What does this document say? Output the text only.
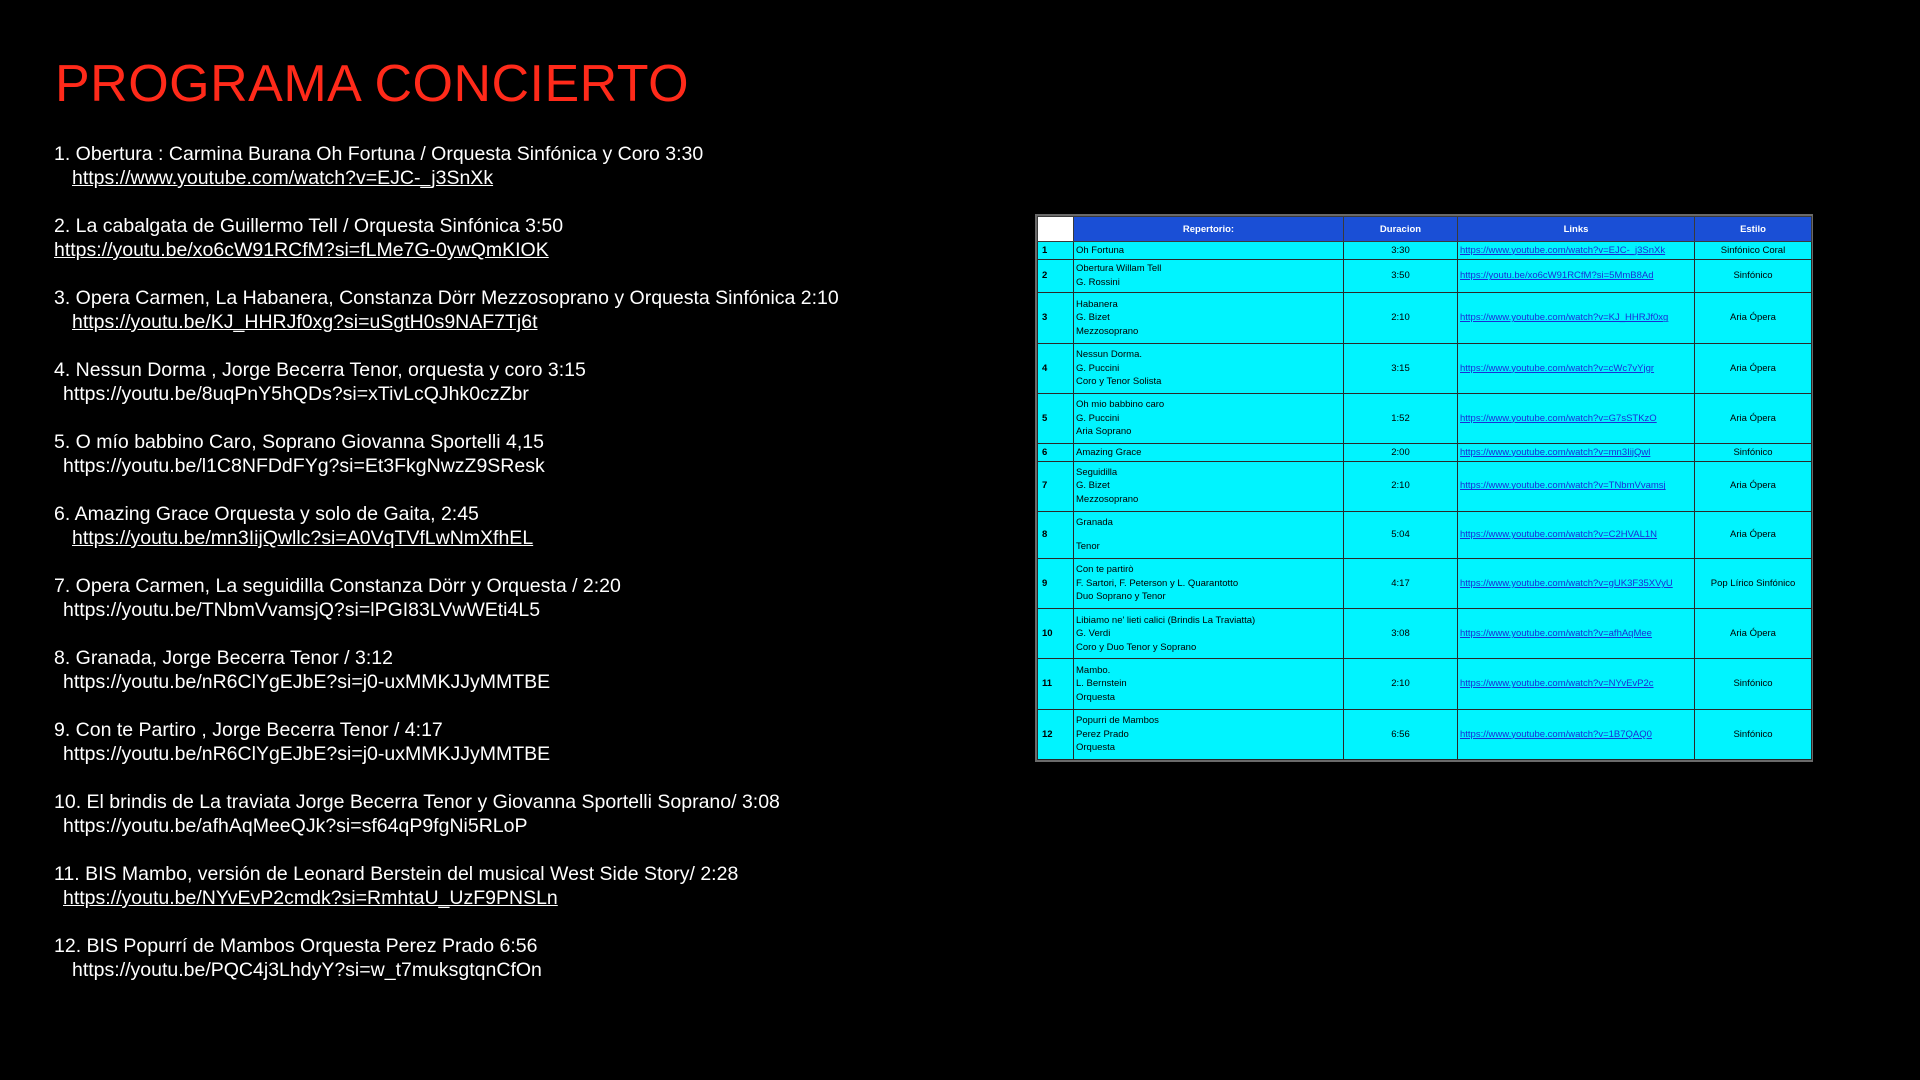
PROGRAMA CONCIERTO
1. Obertura : Carmina Burana Oh Fortuna / Orquesta Sinfónica y Coro 3:30
https://www.youtube.com/watch?v=EJC-_j3SnXk
2. La cabalgata de Guillermo Tell / Orquesta Sinfónica 3:50
https://youtu.be/xo6cW91RCfM?si=fLMe7G-0ywQmKIOK
3. Opera Carmen, La Habanera, Constanza Dörr Mezzosoprano y Orquesta Sinfónica 2:10
https://youtu.be/KJ_HHRJf0xg?si=uSgtH0s9NAF7Tj6t
4. Nessun Dorma , Jorge Becerra Tenor, orquesta y coro 3:15
https://youtu.be/8uqPnY5hQDs?si=xTivLcQJhk0czZbr
5. O mío babbino Caro, Soprano Giovanna Sportelli 4,15
https://youtu.be/l1C8NFDdFYg?si=Et3FkgNwzZ9SResk
6. Amazing Grace Orquesta y solo de Gaita, 2:45
https://youtu.be/mn3IijQwllc?si=A0VqTVfLwNmXfhEL
7. Opera Carmen, La seguidilla Constanza Dörr y Orquesta / 2:20
https://youtu.be/TNbmVvamsjQ?si=lPGI83LVwWEti4L5
8. Granada, Jorge Becerra Tenor / 3:12
https://youtu.be/nR6ClYgEJbE?si=j0-uxMMKJJyMMTBE
9. Con te Partiro , Jorge Becerra Tenor / 4:17
https://youtu.be/nR6ClYgEJbE?si=j0-uxMMKJJyMMTBE
10. El brindis de La traviata Jorge Becerra Tenor y Giovanna Sportelli Soprano/ 3:08
https://youtu.be/afhAqMeeQJk?si=sf64qP9fgNi5RLoP
11. BIS Mambo, versión de Leonard Berstein del musical West Side Story/ 2:28
https://youtu.be/NYvEvP2cmdk?si=RmhtaU_UzF9PNSLn
12. BIS Popurrí de Mambos Orquesta Perez Prado 6:56
https://youtu.be/PQC4j3LhdyY?si=w_t7muksgtqnCfOn
	Repertorio:	Duracion	Links	Estilo
1	Oh Fortuna	3:30	https://www.youtube.com/watch?v=EJC-_j3SnXk	Sinfónico Coral
2	Obertura Willam Tell
G. Rossini	3:50	https://youtu.be/xo6cW91RCfM?si=5MmB8Ad	Sinfónico
3	Habanera
G. Bizet
Mezzosoprano	2:10	https://www.youtube.com/watch?v=KJ_HHRJf0xg	Aria Ópera
4	Nessun Dorma.
G. Puccini
Coro y Tenor Solista	3:15	https://www.youtube.com/watch?v=cWc7vYjgr	Aria Ópera
5	Oh mio babbino caro
G. Puccini
Aria Soprano	1:52	https://www.youtube.com/watch?v=G7sSTKzO	Aria Ópera
6	Amazing Grace	2:00	https://www.youtube.com/watch?v=mn3IijQwl	Sinfónico
7	Seguidilla
G. Bizet
Mezzosoprano	2:10	https://www.youtube.com/watch?v=TNbmVvamsj	Aria Ópera
8	Granada
Tenor	5:04	https://www.youtube.com/watch?v=C2HVAL1N	Aria Ópera
9	Con te partirò
F. Sartori, F. Peterson y L. Quarantotto
Duo Soprano y Tenor	4:17	https://www.youtube.com/watch?v=gUK3F35XVyU	Pop Lírico Sinfónico
10	Libiamo ne' lieti calici (Brindis La Traviatta)
G. Verdi
Coro y Duo Tenor y Soprano	3:08	https://www.youtube.com/watch?v=afhAqMee	Aria Ópera
11	Mambo.
L. Bernstein
Orquesta	2:10	https://www.youtube.com/watch?v=NYvEvP2c	Sinfónico
12	Popurri de Mambos
Perez Prado
Orquesta	6:56	https://www.youtube.com/watch?v=1B7QAQ0	Sinfónico
